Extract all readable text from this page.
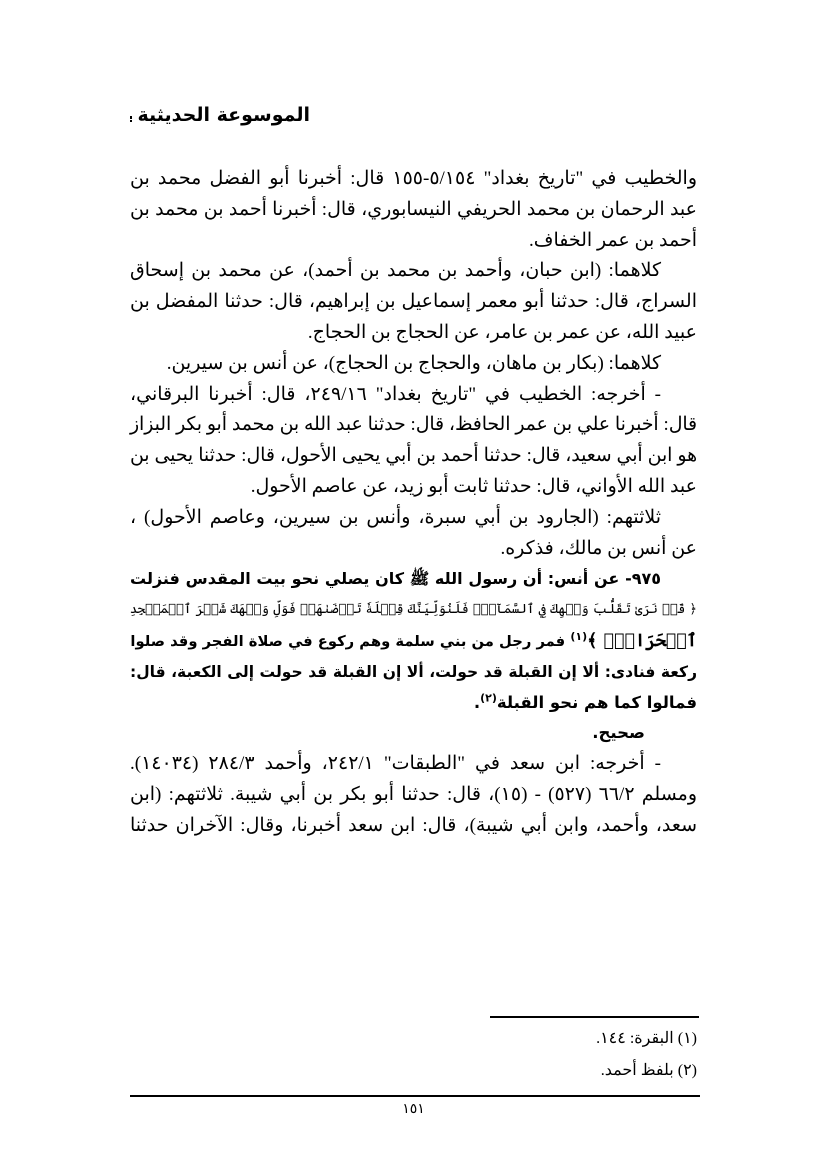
الموسوعة الحديثية
والخطيب في "تاريخ بغداد" ٥/١٥٤-١٥٥ قال: أخبرنا أبو الفضل محمد بن
عبد الرحمان بن محمد الحريفي النيسابوري، قال: أخبرنا أحمد بن محمد بن
أحمد بن عمر الخفاف.
كلاهما: (ابن حبان، وأحمد بن محمد بن أحمد)، عن محمد بن إسحاق
السراج، قال: حدثنا أبو معمر إسماعيل بن إبراهيم، قال: حدثنا المفضل بن
عبيد الله، عن عمر بن عامر، عن الحجاج بن الحجاج.
كلاهما: (بكار بن ماهان، والحجاج بن الحجاج)، عن أنس بن سيرين.
- أخرجه: الخطيب في "تاريخ بغداد" ٢٤٩/١٦، قال: أخبرنا البرقاني،
قال: أخبرنا علي بن عمر الحافظ، قال: حدثنا عبد الله بن محمد أبو بكر البزاز
هو ابن أبي سعيد، قال: حدثنا أحمد بن أبي يحيى الأحول، قال: حدثنا يحيى بن
عبد الله الأواني، قال: حدثنا ثابت أبو زيد، عن عاصم الأحول.
ثلاثتهم: (الجارود بن أبي سبرة، وأنس بن سيرين، وعاصم الأحول) ،
عن أنس بن مالك، فذكره.
٩٧٥- عن أنس: أن رسول الله ﷺ كان يصلي نحو بيت المقدس فنزلت
﴿ قَدۡ نَرَىٰ تَقَلُّبَ وَجۡهِكَ فِي ٱلسَّمَآءِۖ فَلَنُوَلِّيَنَّكَ قِبۡلَةٗ تَرۡضَىٰهَاۚ فَوَلِّ وَجۡهَكَ شَطۡرَ ٱلۡمَسۡجِدِ
ٱلۡحَرَامِۚ ﴾$^{(١)}$ فمر رجل من بني سلمة وهم ركوع في صلاة الفجر وقد صلوا
ركعة فنادى: ألا إن القبلة قد حولت، ألا إن القبلة قد حولت إلى الكعبة، قال:
فمالوا كما هم نحو القبلة$^{(٢)}$.
صحيح.
- أخرجه: ابن سعد في "الطبقات" ٢٤٢/١، وأحمد ٢٨٤/٣ (١٤٠٣٤).
ومسلم ٦٦/٢ (٥٢٧) - (١٥)، قال: حدثنا أبو بكر بن أبي شيبة. ثلاثتهم: (ابن
سعد، وأحمد، وابن أبي شيبة)، قال: ابن سعد أخبرنا، وقال: الآخران حدثنا
(١) البقرة: ١٤٤.
(٢) بلفظ أحمد.
١٥١
